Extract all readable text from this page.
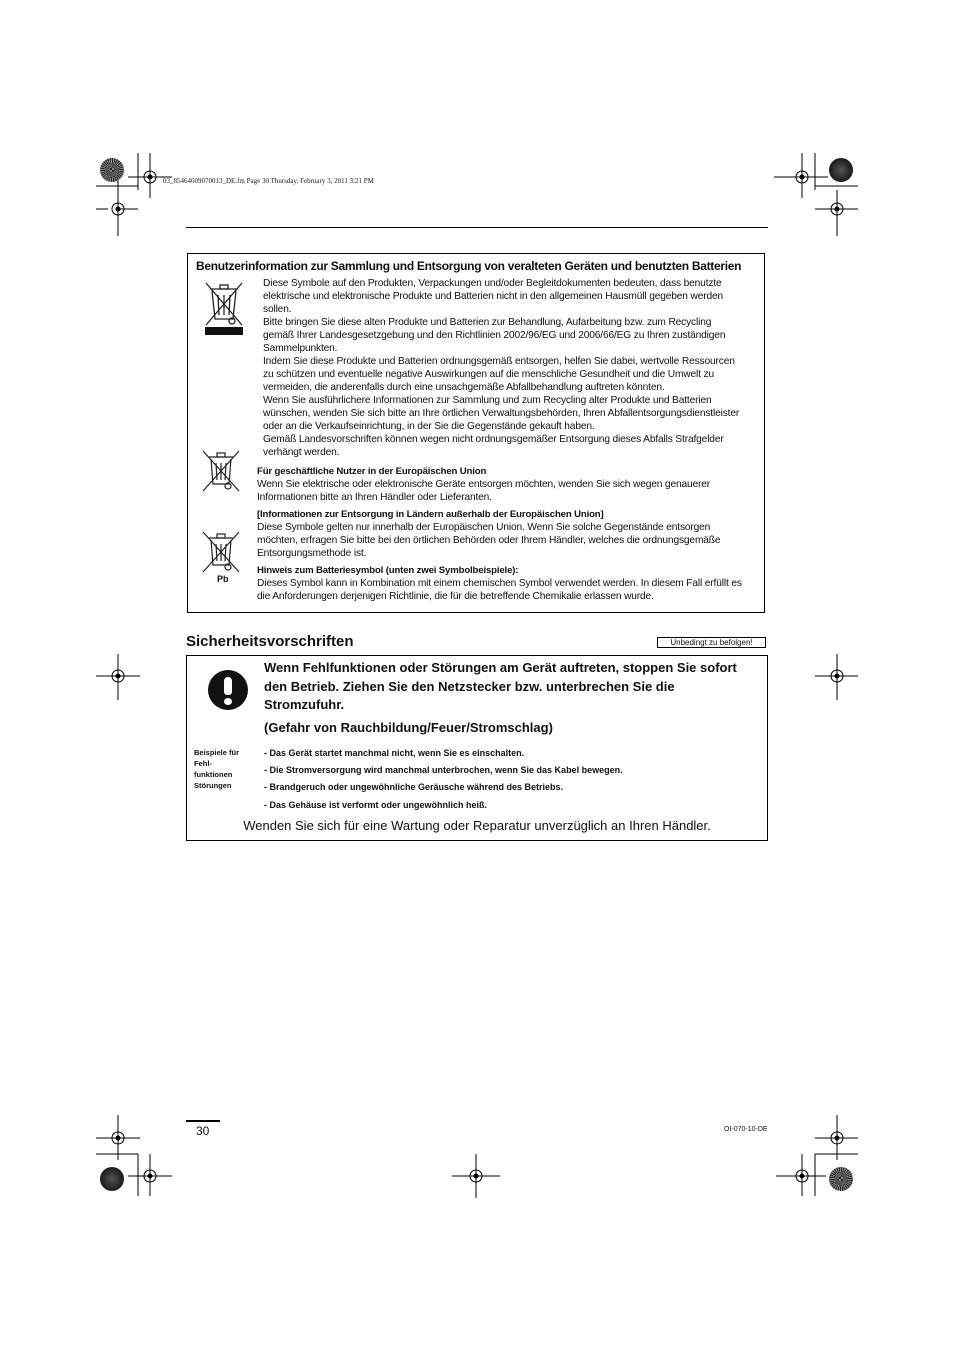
03_85464609070013_DE.fm Page 30 Thursday, February 3, 2011 3:21 PM
Benutzerinformation zur Sammlung und Entsorgung von veralteten Geräten und benutzten Batterien

Diese Symbole auf den Produkten, Verpackungen und/oder Begleitdokumenten bedeuten, dass benutzte

elektrische und elektronische Produkte und Batterien nicht in den allgemeinen Hausmüll gegeben werden

sollen.

Bitte bringen Sie diese alten Produkte und Batterien zur Behandlung, Aufarbeitung bzw. zum Recycling

gemäß Ihrer Landesgesetzgebung und den Richtlinien 2002/96/EG und 2006/66/EG zu Ihren zuständigen

Sammelpunkten.

Indem Sie diese Produkte und Batterien ordnungsgemäß entsorgen, helfen Sie dabei, wertvolle Ressourcen

zu schützen und eventuelle negative Auswirkungen auf die menschliche Gesundheit und die Umwelt zu

vermeiden, die anderenfalls durch eine unsachgemäße Abfallbehandlung auftreten könnten.

Wenn Sie ausführlichere Informationen zur Sammlung und zum Recycling alter Produkte und Batterien

wünschen, wenden Sie sich bitte an Ihre örtlichen Verwaltungsbehörden, Ihren Abfallentsorgungsdienstleister

oder an die Verkaufseinrichtung, in der Sie die Gegenstände gekauft haben.

Gemäß Landesvorschriften können wegen nicht ordnungsgemäßer Entsorgung dieses Abfalls Strafgelder

verhängt werden.

Für geschäftliche Nutzer in der Europäischen Union

Wenn Sie elektrische oder elektronische Geräte entsorgen möchten, wenden Sie sich wegen genauerer

Informationen bitte an Ihren Händler oder Lieferanten.

[Informationen zur Entsorgung in Ländern außerhalb der Europäischen Union]

Diese Symbole gelten nur innerhalb der Europäischen Union. Wenn Sie solche Gegenstände entsorgen

möchten, erfragen Sie bitte bei den örtlichen Behörden oder Ihrem Händler, welches die ordnungsgemäße

Entsorgungsmethode ist.

Pb

Hinweis zum Batteriesymbol (unten zwei Symbolbeispiele):

Dieses Symbol kann in Kombination mit einem chemischen Symbol verwendet werden. In diesem Fall erfüllt es

die Anforderungen derjenigen Richtlinie, die für die betreffende Chemikalie erlassen wurde.

Sicherheitsvorschriften	Unbedingt zu befolgen!
Wenn Fehlfunktionen oder Störungen am Gerät auftreten, stoppen Sie sofort
den Betrieb. Ziehen Sie den Netzstecker bzw. unterbrechen Sie die
Stromzufuhr.
(Gefahr von Rauchbildung/Feuer/Stromschlag)
Beispiele für
Fehl-
funktionen
Störungen
- Das Gerät startet manchmal nicht, wenn Sie es einschalten.
- Die Stromversorgung wird manchmal unterbrochen, wenn Sie das Kabel bewegen.
- Brandgeruch oder ungewöhnliche Geräusche während des Betriebs.
- Das Gehäuse ist verformt oder ungewöhnlich heiß.
Wenden Sie sich für eine Wartung oder Reparatur unverzüglich an Ihren Händler.
30	OI-070-10-DE
